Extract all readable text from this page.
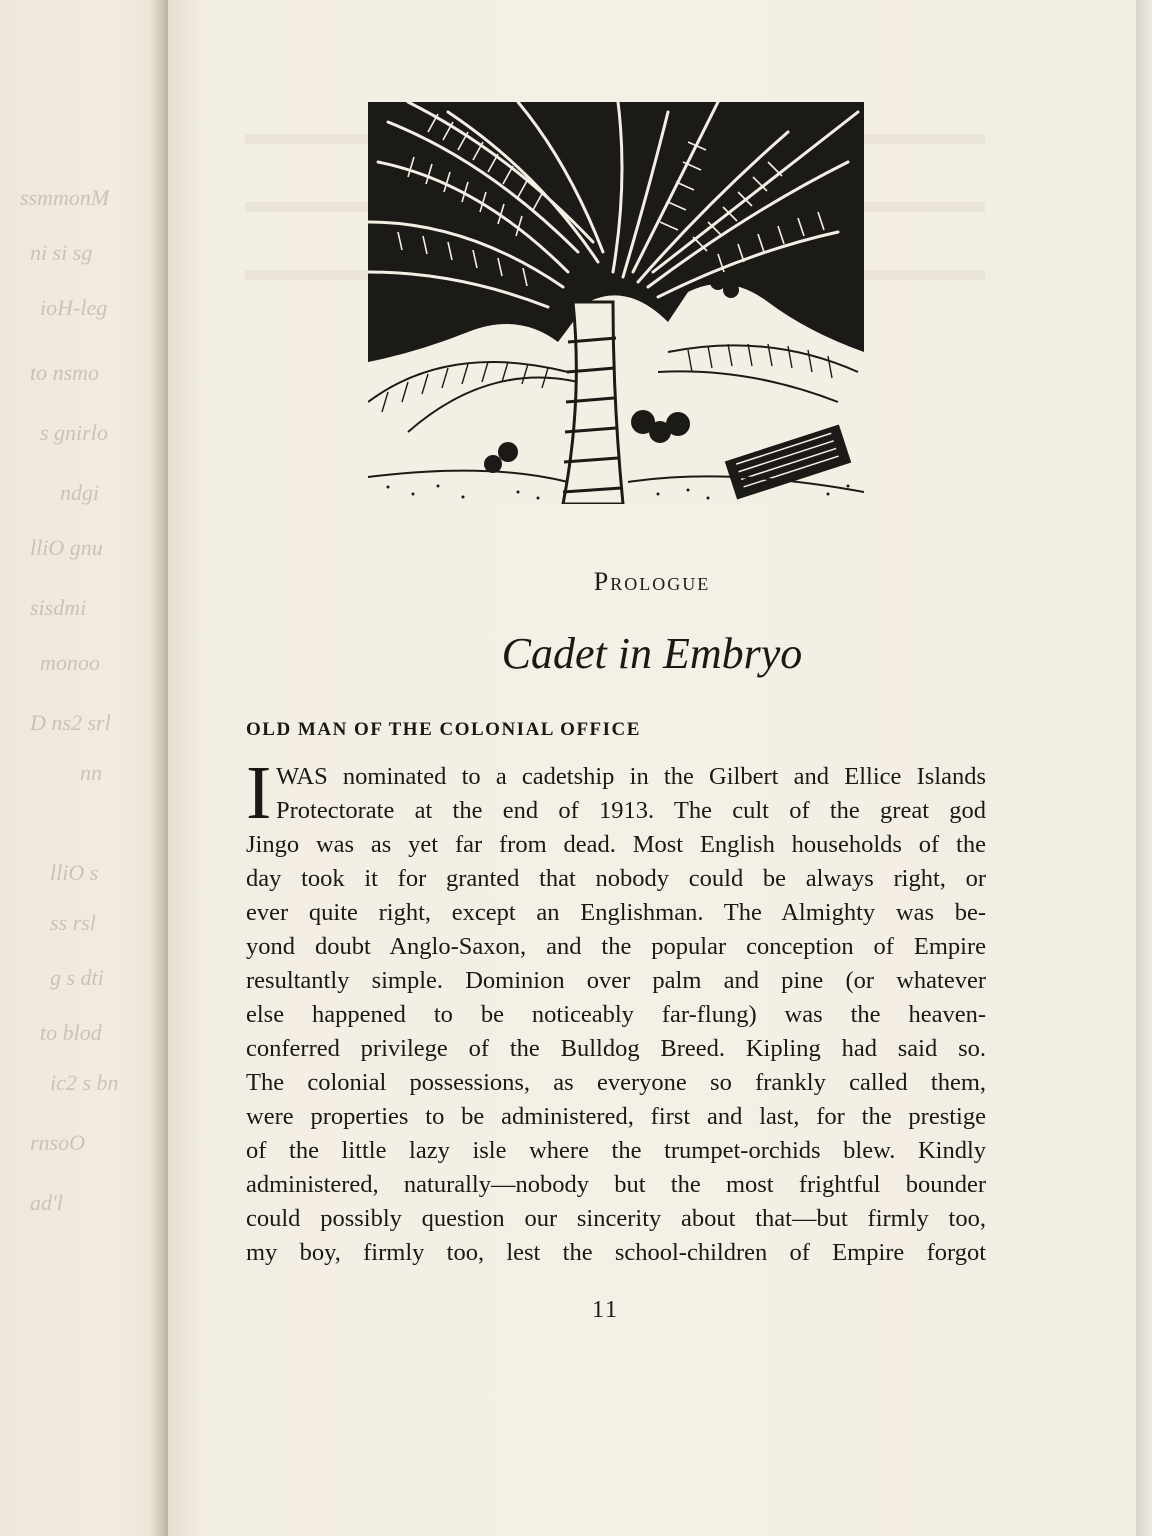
ssmmonM
ni si sg
ioH-leg
to nsmo
s gnirlo
ndgi
lliO gnu
sisdmi
monoo
D ns2 srl
nn
lliO s
ss rsl
g s dti
to blod
ic2 s bn
rnsoO
ad'l
Prologue
Cadet in Embryo
OLD MAN OF THE COLONIAL OFFICE
I WAS nominated to a cadetship in the Gilbert and Ellice Islands
Protectorate at the end of 1913. The cult of the great god
Jingo was as yet far from dead. Most English households of the
day took it for granted that nobody could be always right, or
ever quite right, except an Englishman. The Almighty was be-
yond doubt Anglo-Saxon, and the popular conception of Empire
resultantly simple. Dominion over palm and pine (or whatever
else happened to be noticeably far-flung) was the heaven-
conferred privilege of the Bulldog Breed. Kipling had said so.
The colonial possessions, as everyone so frankly called them,
were properties to be administered, first and last, for the prestige
of the little lazy isle where the trumpet-orchids blew. Kindly
administered, naturally—nobody but the most frightful bounder
could possibly question our sincerity about that—but firmly too,
my boy, firmly too, lest the school-children of Empire forgot
11
